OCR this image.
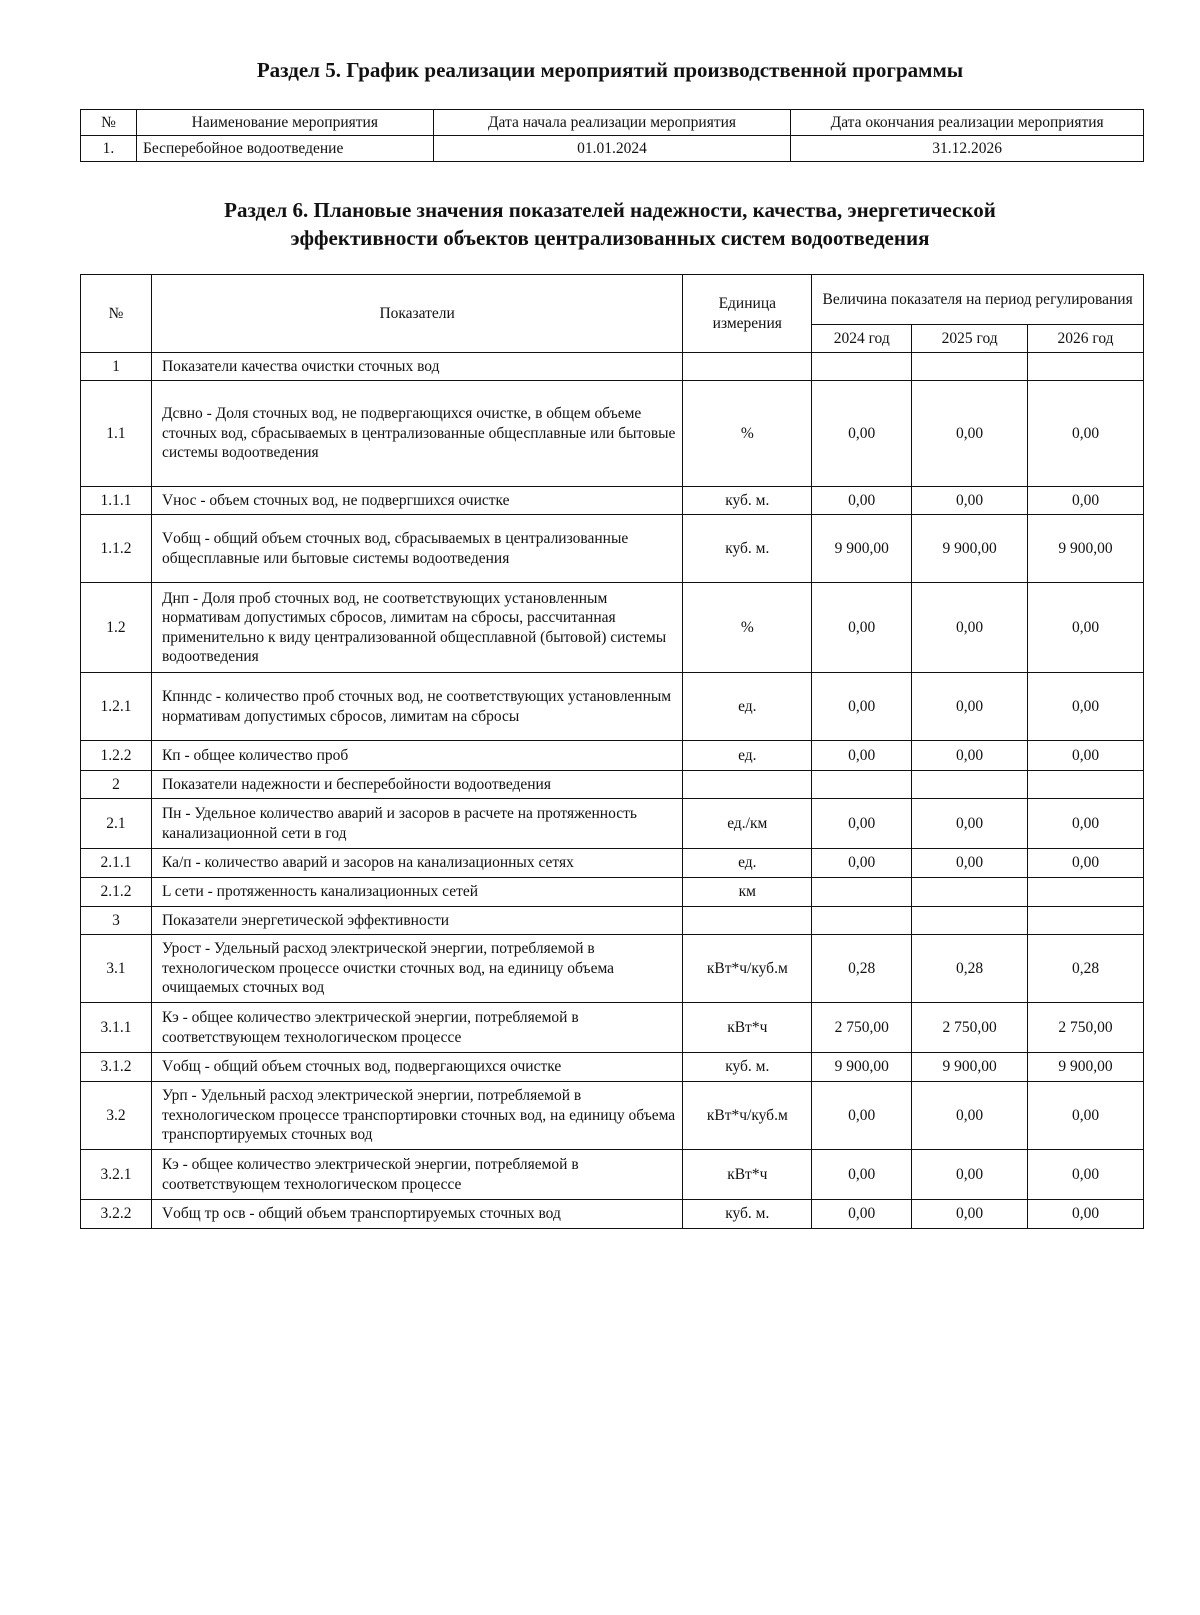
Раздел 5. График реализации мероприятий производственной программы
№	Наименование мероприятия	Дата начала реализации мероприятия	Дата окончания реализации мероприятия
1.	Бесперебойное водоотведение	01.01.2024	31.12.2026
Раздел 6. Плановые значения показателей надежности, качества, энергетической
эффективности объектов централизованных систем водоотведения
№	Показатели	Единица измерения	Величина показателя на период регулирования		
			2024 год	2025 год	2026 год
1	Показатели качества очистки сточных вод				
1.1	Дсвно - Доля сточных вод, не подвергающихся очистке, в общем объеме сточных вод, сбрасываемых в централизованные общесплавные или бытовые системы водоотведения	%	0,00	0,00	0,00
1.1.1	Vнос - объем сточных вод, не подвергшихся очистке	куб. м.	0,00	0,00	0,00
1.1.2	Vобщ - общий объем сточных вод, сбрасываемых в централизованные общесплавные или бытовые системы водоотведения	куб. м.	9 900,00	9 900,00	9 900,00
1.2	Днп - Доля проб сточных вод, не соответствующих установленным нормативам допустимых сбросов, лимитам на сбросы, рассчитанная применительно к виду централизованной общесплавной (бытовой) системы водоотведения	%	0,00	0,00	0,00
1.2.1	Кпнндс - количество проб сточных вод, не соответствующих установленным нормативам допустимых сбросов, лимитам на сбросы	ед.	0,00	0,00	0,00
1.2.2	Кп - общее количество проб	ед.	0,00	0,00	0,00
2	Показатели надежности и бесперебойности водоотведения				
2.1	Пн - Удельное количество аварий и засоров в расчете на протяженность канализационной сети в год	ед./км	0,00	0,00	0,00
2.1.1	Ка/п - количество аварий и засоров на канализационных сетях	ед.	0,00	0,00	0,00
2.1.2	L сети - протяженность канализационных сетей	км			
3	Показатели энергетической эффективности				
3.1	Урост - Удельный расход электрической энергии, потребляемой в технологическом процессе очистки сточных вод, на единицу объема очищаемых сточных вод	кВт*ч/куб.м	0,28	0,28	0,28
3.1.1	Кэ - общее количество электрической энергии, потребляемой в соответствующем технологическом процессе	кВт*ч	2 750,00	2 750,00	2 750,00
3.1.2	Vобщ - общий объем сточных вод, подвергающихся очистке	куб. м.	9 900,00	9 900,00	9 900,00
3.2	Урп - Удельный расход электрической энергии, потребляемой в технологическом процессе транспортировки сточных вод, на единицу объема транспортируемых сточных вод	кВт*ч/куб.м	0,00	0,00	0,00
3.2.1	Кэ - общее количество электрической энергии, потребляемой в соответствующем технологическом процессе	кВт*ч	0,00	0,00	0,00
3.2.2	Vобщ тр осв - общий объем транспортируемых сточных вод	куб. м.	0,00	0,00	0,00
